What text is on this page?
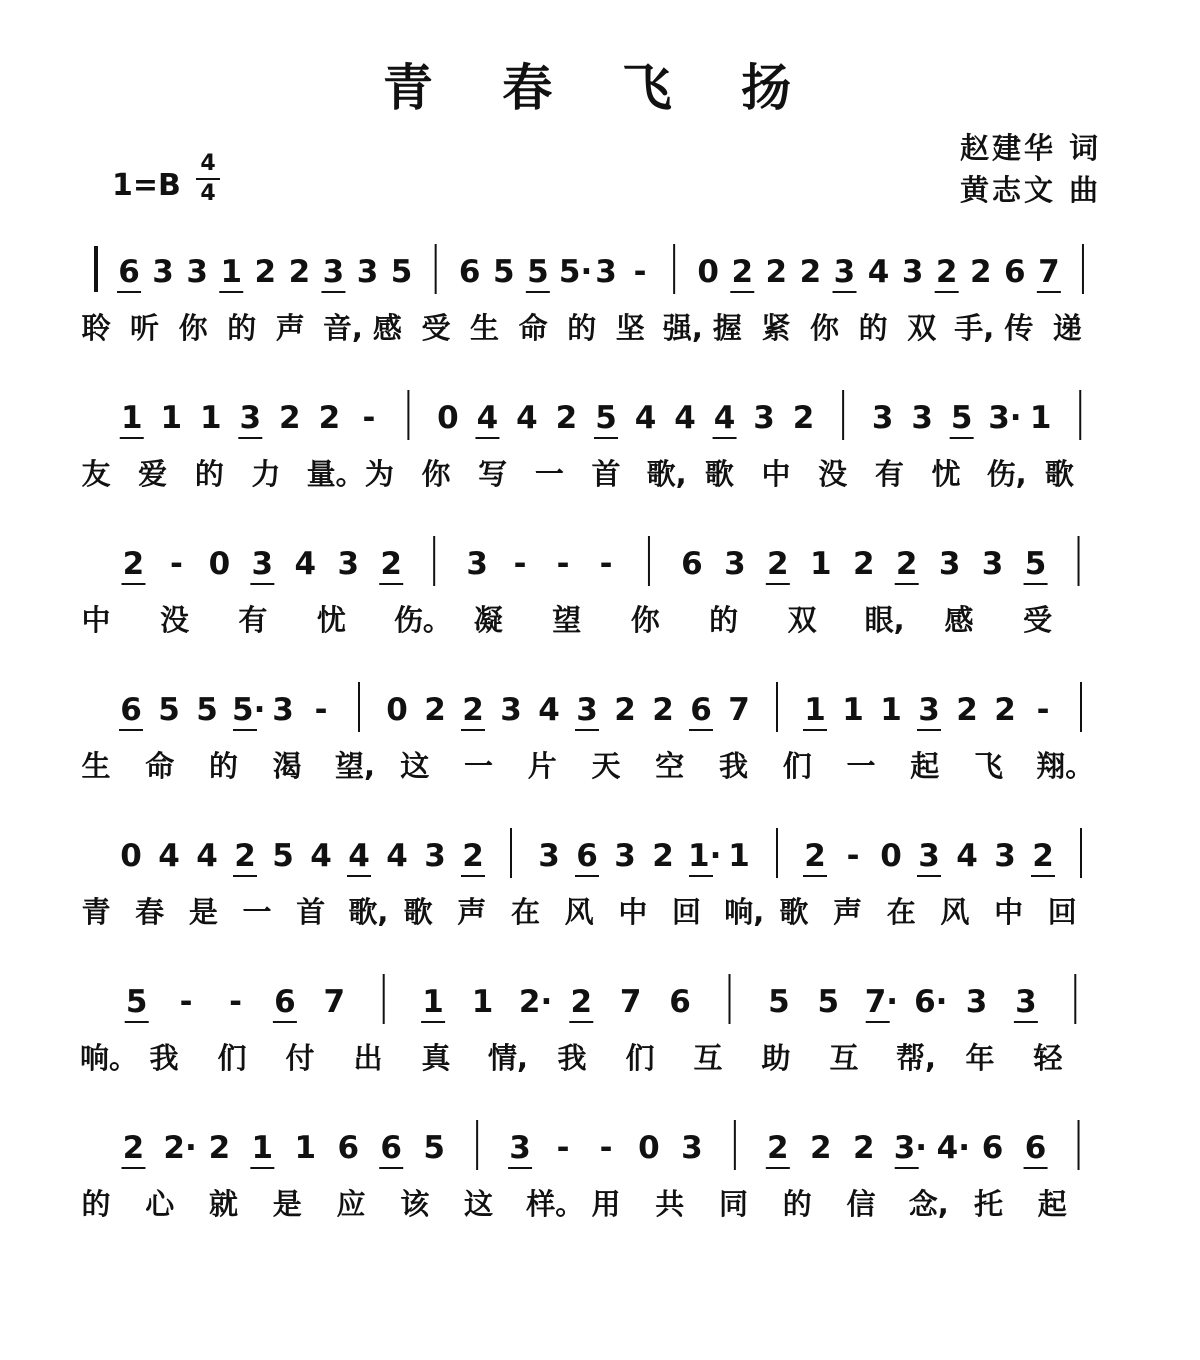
青 春 飞 扬
赵建华 词
黄志文 曲
1=B
4
4
6 3 3 1 2 2 3 3 5 6 5 5 5· 3 - 0 2 2 2 3 4 3 2 2 6 7
聆 听 你 的 声 音, 感 受 生 命 的 坚 强, 握 紧 你 的 双 手, 传 递
1 1 1 3 2 2 - 0 4 4 2 5 4 4 4 3 2 3 3 5 3· 1
友 爱 的 力 量。 为 你 写 一 首 歌, 歌 中 没 有 忧 伤, 歌
2 - 0 3 4 3 2 3 - - - 6 3 2 1 2 2 3 3 5
中 没 有 忧 伤。 凝 望 你 的 双 眼, 感 受
6 5 5 5· 3 - 0 2 2 3 4 3 2 2 6 7 1 1 1 3 2 2 -
生 命 的 渴 望, 这 一 片 天 空 我 们 一 起 飞 翔。
0 4 4 2 5 4 4 4 3 2 3 6 3 2 1· 1 2 - 0 3 4 3 2
青 春 是 一 首 歌, 歌 声 在 风 中 回 响, 歌 声 在 风 中 回
5 - - 6 7 1 1 2· 2 7 6 5 5 7· 6· 3 3
响。 我 们 付 出 真 情, 我 们 互 助 互 帮, 年 轻
2 2· 2 1 1 6 6 5 3 - - 0 3 2 2 2 3· 4· 6 6
的 心 就 是 应 该 这 样。 用 共 同 的 信 念, 托 起
